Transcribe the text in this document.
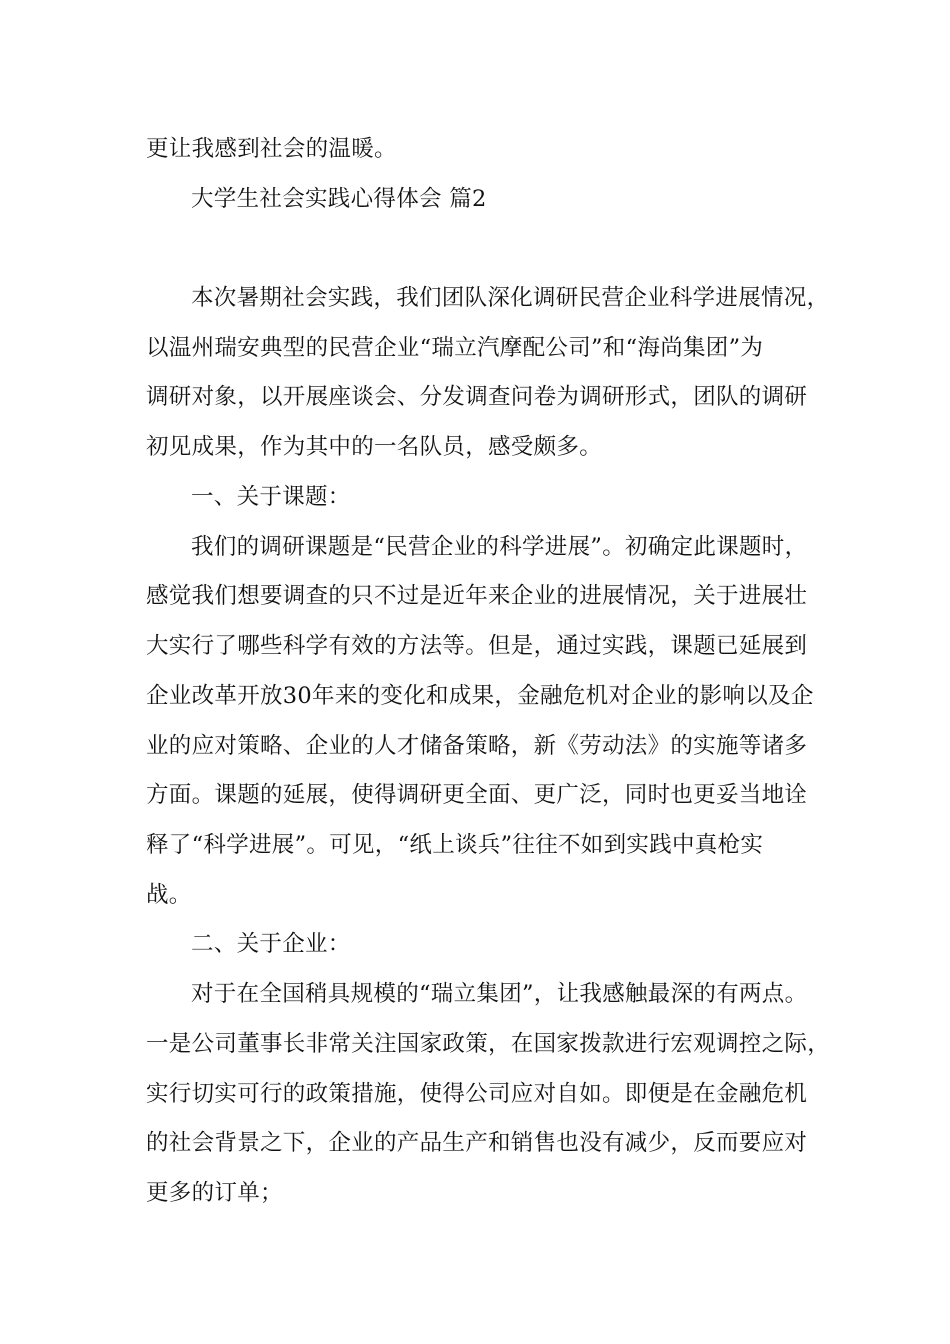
更让我感到社会的温暖。
大学生社会实践心得体会 篇2
本次暑期社会实践，我们团队深化调研民营企业科学进展情况，
以温州瑞安典型的民营企业“瑞立汽摩配公司”和“海尚集团”为
调研对象，以开展座谈会、分发调查问卷为调研形式，团队的调研
初见成果，作为其中的一名队员，感受颇多。
一、关于课题：
我们的调研课题是“民营企业的科学进展”。初确定此课题时，
感觉我们想要调查的只不过是近年来企业的进展情况，关于进展壮
大实行了哪些科学有效的方法等。但是，通过实践，课题已延展到
企业改革开放30年来的变化和成果，金融危机对企业的影响以及企
业的应对策略、企业的人才储备策略，新《劳动法》的实施等诸多
方面。课题的延展，使得调研更全面、更广泛，同时也更妥当地诠
释了“科学进展”。可见，“纸上谈兵”往往不如到实践中真枪实
战。
二、关于企业：
对于在全国稍具规模的“瑞立集团”，让我感触最深的有两点。
一是公司董事长非常关注国家政策，在国家拨款进行宏观调控之际，
实行切实可行的政策措施，使得公司应对自如。即便是在金融危机
的社会背景之下，企业的产品生产和销售也没有减少，反而要应对
更多的订单；
